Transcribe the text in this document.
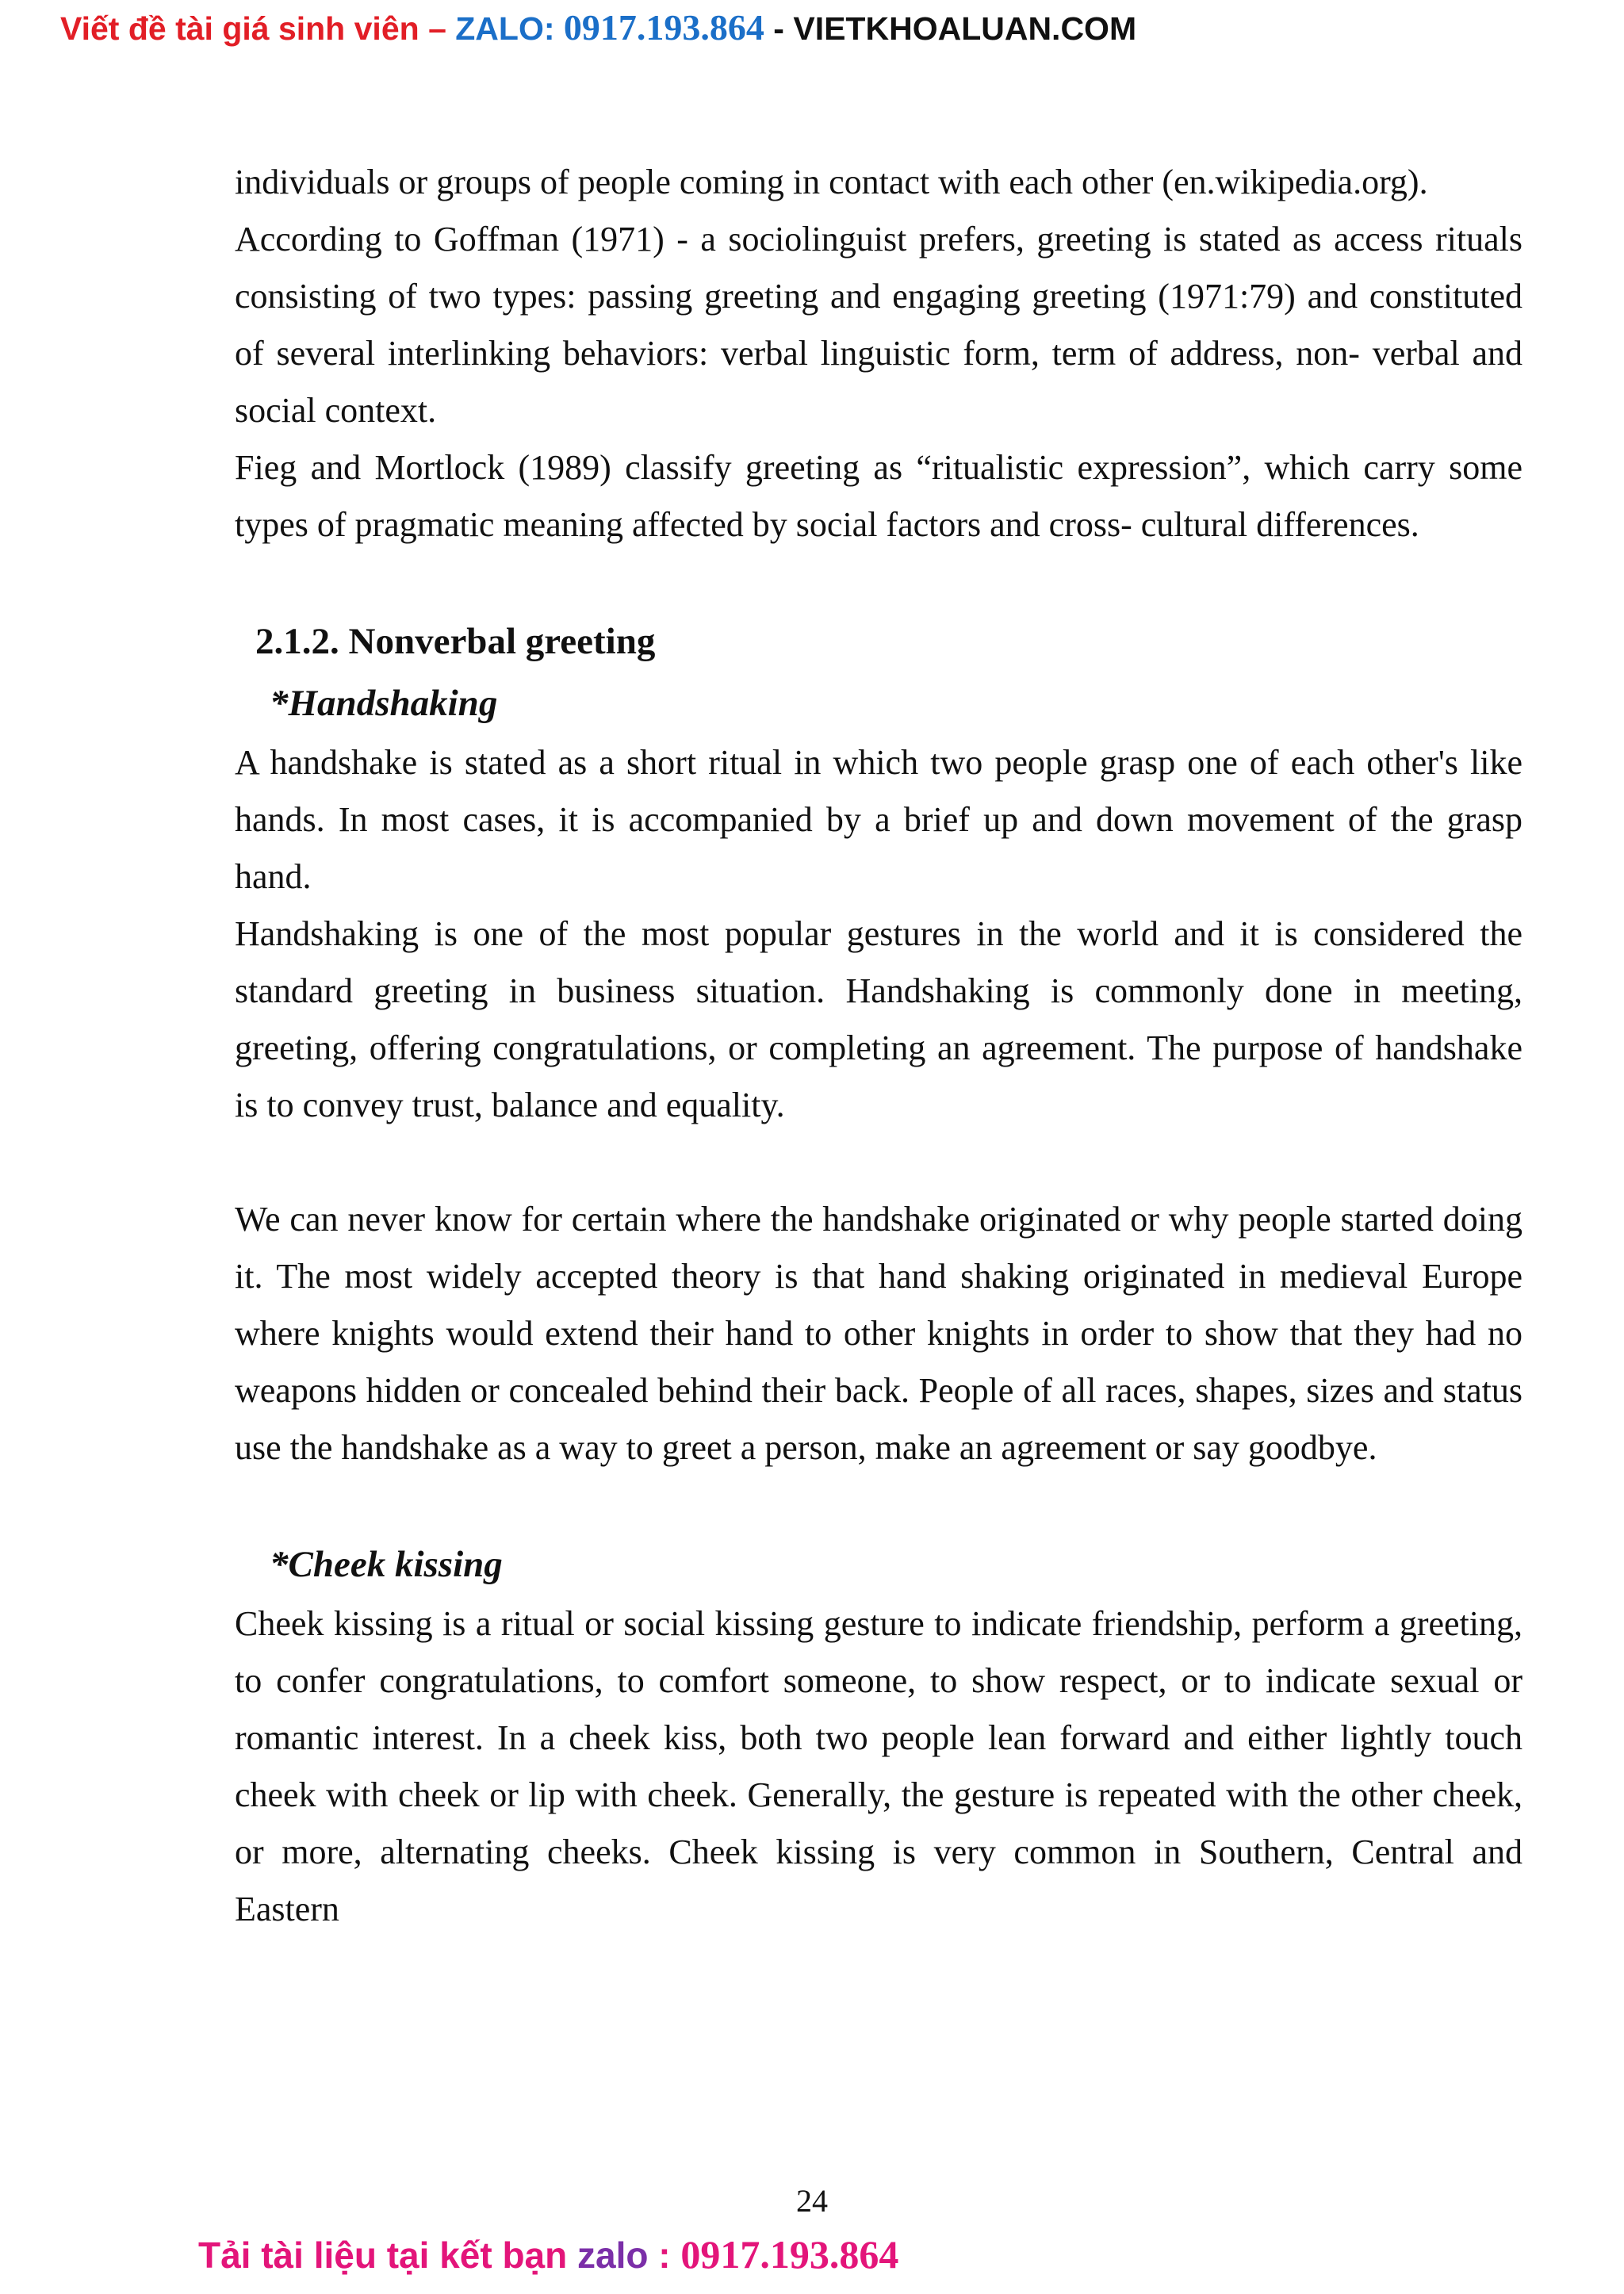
Viết đề tài giá sinh viên – ZALO: 0917.193.864 - VIETKHOALUAN.COM

individuals or groups of people coming in contact with each other (en.wikipedia.org).

According to Goffman (1971) - a sociolinguist prefers, greeting is stated as access rituals consisting of two types: passing greeting and engaging greeting (1971:79) and constituted of several interlinking behaviors: verbal linguistic form, term of address, non- verbal and social context.

Fieg and Mortlock (1989) classify greeting as “ritualistic expression”, which carry some types of pragmatic meaning affected by social factors and cross- cultural differences.

2.1.2. Nonverbal greeting

*Handshaking

A handshake is stated as a short ritual in which two people grasp one of each other's like hands. In most cases, it is accompanied by a brief up and down movement of the grasp hand.

Handshaking is one of the most popular gestures in the world and it is considered the standard greeting in business situation. Handshaking is commonly done in meeting, greeting, offering congratulations, or completing an agreement. The purpose of handshake is to convey trust, balance and equality.

We can never know for certain where the handshake originated or why people started doing it. The most widely accepted theory is that hand shaking originated in medieval Europe where knights would extend their hand to other knights in order to show that they had no weapons hidden or concealed behind their back. People of all races, shapes, sizes and status use the handshake as a way to greet a person, make an agreement or say goodbye.

*Cheek kissing

Cheek kissing is a ritual or social kissing gesture to indicate friendship, perform a greeting, to confer congratulations, to comfort someone, to show respect, or to indicate sexual or romantic interest. In a cheek kiss, both two people lean forward and either lightly touch cheek with cheek or lip with cheek. Generally, the gesture is repeated with the other cheek, or more, alternating cheeks. Cheek kissing is very common in Southern, Central and Eastern

24
Tải tài liệu tại kết bạn zalo : 0917.193.864
